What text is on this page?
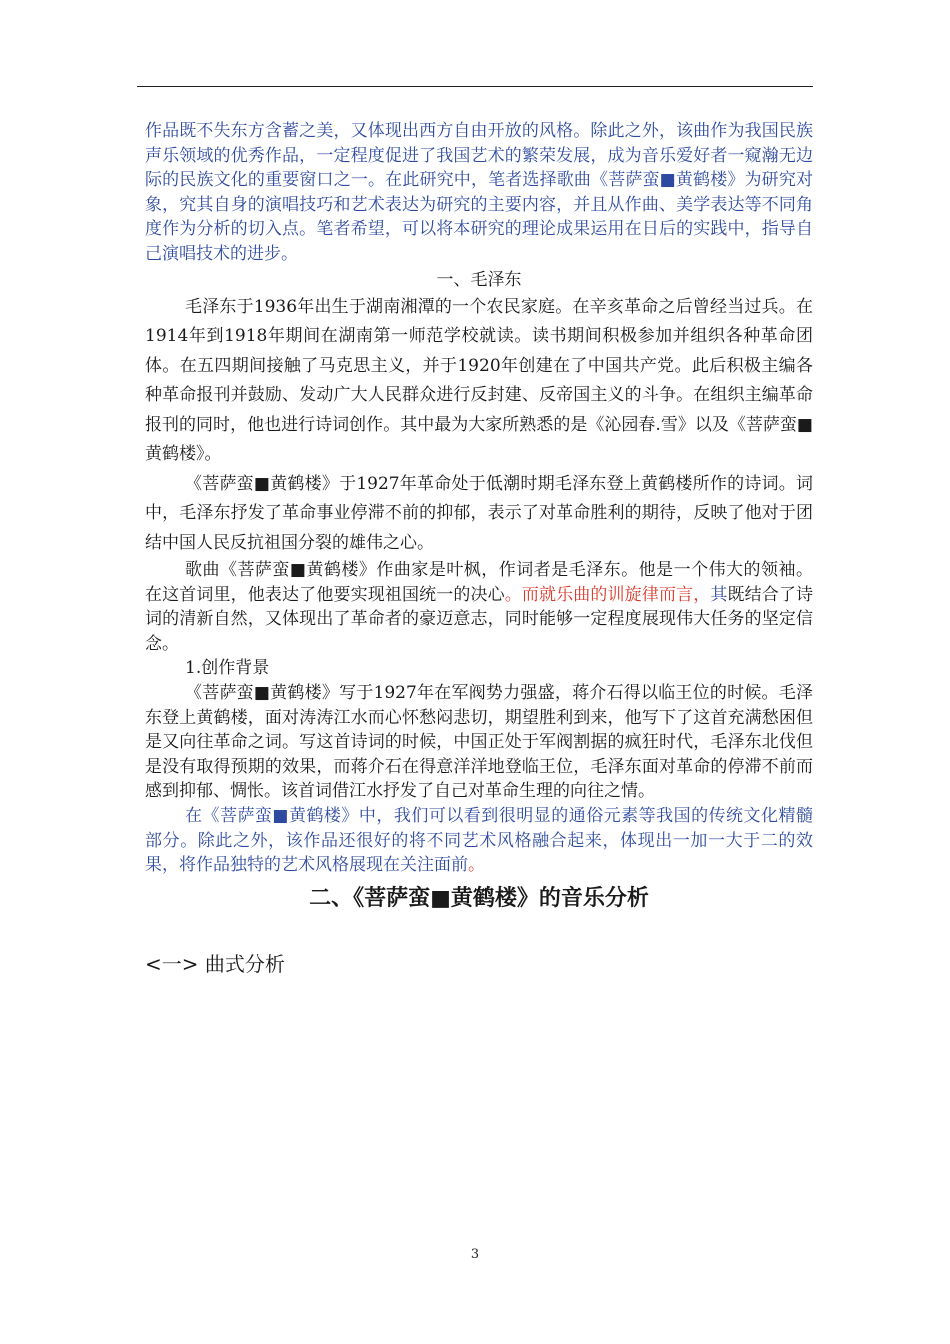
作品既不失东方含蓄之美，又体现出西方自由开放的风格。除此之外，该曲作为我国民族声乐领域的优秀作品，一定程度促进了我国艺术的繁荣发展，成为音乐爱好者一窥瀚无边际的民族文化的重要窗口之一。在此研究中，笔者选择歌曲《菩萨蛮■黄鹤楼》为研究对象，究其自身的演唱技巧和艺术表达为研究的主要内容，并且从作曲、美学表达等不同角度作为分析的切入点。笔者希望，可以将本研究的理论成果运用在日后的实践中，指导自己演唱技术的进步。

一、毛泽东

毛泽东于1936年出生于湖南湘潭的一个农民家庭。在辛亥革命之后曾经当过兵。在1914年到1918年期间在湖南第一师范学校就读。读书期间积极参加并组织各种革命团体。在五四期间接触了马克思主义，并于1920年创建在了中国共产党。此后积极主编各种革命报刊并鼓励、发动广大人民群众进行反封建、反帝国主义的斗争。在组织主编革命报刊的同时，他也进行诗词创作。其中最为大家所熟悉的是《沁园春.雪》以及《菩萨蛮■黄鹤楼》。

《菩萨蛮■黄鹤楼》于1927年革命处于低潮时期毛泽东登上黄鹤楼所作的诗词。词中，毛泽东抒发了革命事业停滞不前的抑郁，表示了对革命胜利的期待，反映了他对于团结中国人民反抗祖国分裂的雄伟之心。

歌曲《菩萨蛮■黄鹤楼》作曲家是叶枫，作词者是毛泽东。他是一个伟大的领袖。在这首词里，他表达了他要实现祖国统一的决心。而就乐曲的训旋律而言，其既结合了诗词的清新自然，又体现出了革命者的豪迈意志，同时能够一定程度展现伟大任务的坚定信念。

1.创作背景

《菩萨蛮■黄鹤楼》写于1927年在军阀势力强盛，蒋介石得以临王位的时候。毛泽东登上黄鹤楼，面对涛涛江水而心怀愁闷悲切，期望胜利到来，他写下了这首充满愁困但是又向往革命之词。写这首诗词的时候，中国正处于军阀割据的疯狂时代，毛泽东北伐但是没有取得预期的效果，而蒋介石在得意洋洋地登临王位，毛泽东面对革命的停滞不前而感到抑郁、惆怅。该首词借江水抒发了自己对革命生理的向往之情。

在《菩萨蛮■黄鹤楼》中，我们可以看到很明显的通俗元素等我国的传统文化精髓部分。除此之外，该作品还很好的将不同艺术风格融合起来，体现出一加一大于二的效果，将作品独特的艺术风格展现在关注面前。

二、《菩萨蛮■黄鹤楼》的音乐分析

<一> 曲式分析

3
